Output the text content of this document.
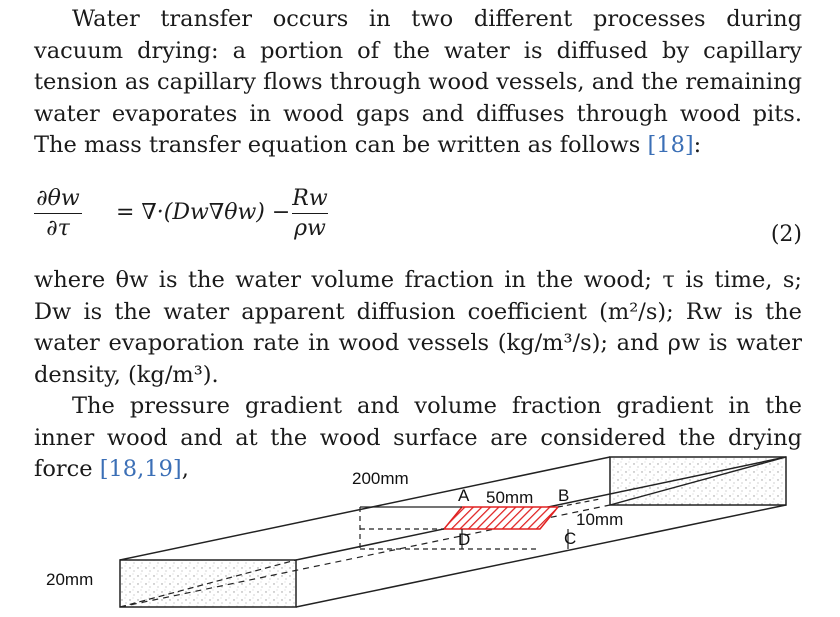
Water transfer occurs in two different processes during vacuum drying: a portion of the water is diffused by capillary tension as capillary flows through wood vessels, and the remaining water evaporates in wood gaps and diffuses through wood pits. The mass transfer equation can be written as follows [18]:

∂θw
∂τ
= ∇·(Dw∇θw) −
Rw
ρw	(2)

where θw is the water volume fraction in the wood; τ is time, s; Dw is the water apparent diffusion coefficient (m²/s); Rw is the water evaporation rate in wood vessels (kg/m³/s); and ρw is water density, (kg/m³).

The pressure gradient and volume fraction gradient in the inner wood and at the wood surface are considered the drying force [18,19],	200mm
50mm
10mm
20mm
A	B
C
D
